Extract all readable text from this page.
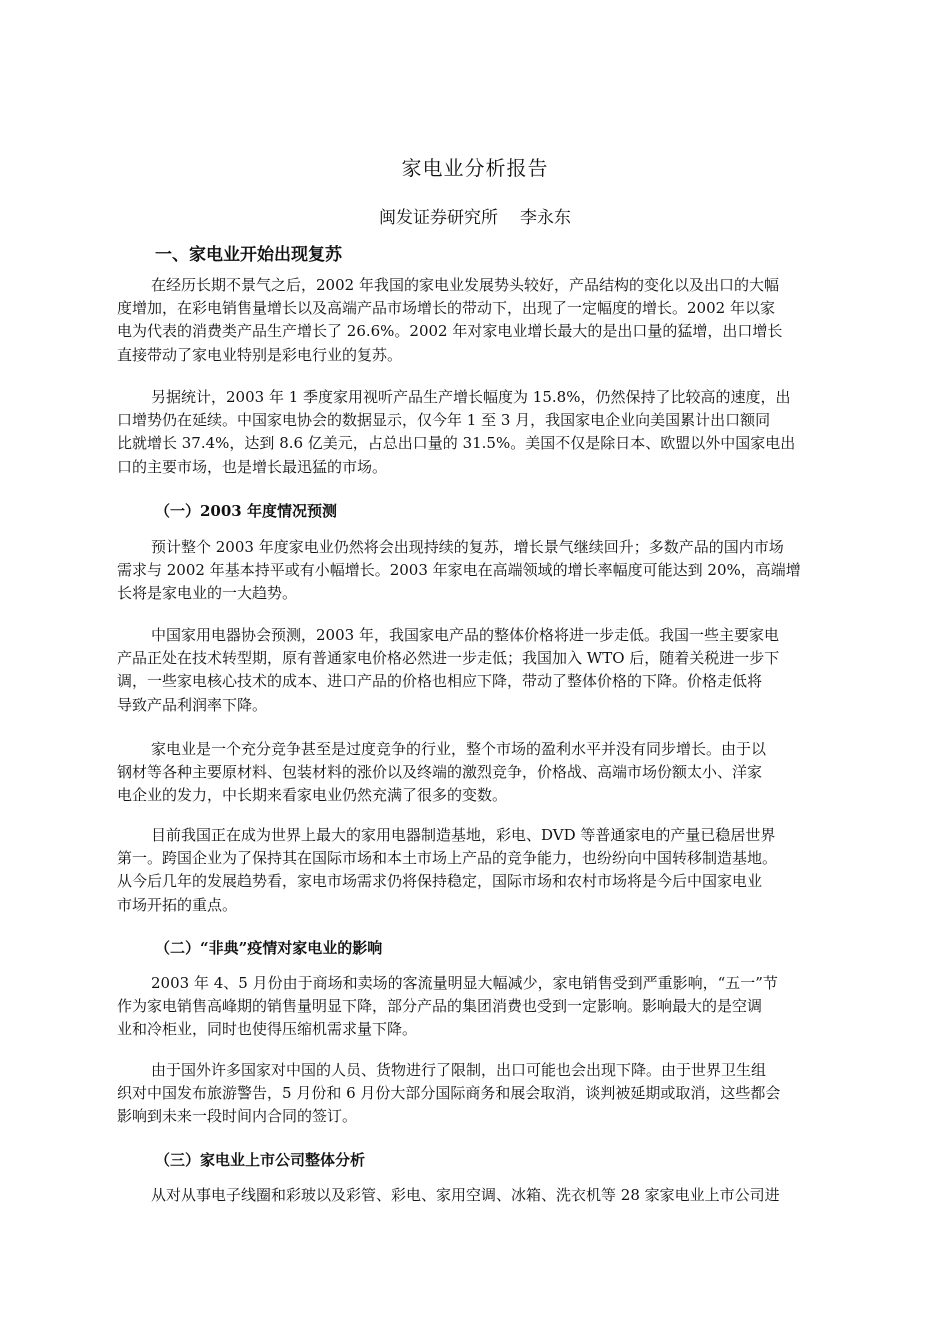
家电业分析报告
闽发证券研究所 李永东
一、家电业开始出现复苏
在经历长期不景气之后，2002 年我国的家电业发展势头较好，产品结构的变化以及出口的大幅
度增加，在彩电销售量增长以及高端产品市场增长的带动下，出现了一定幅度的增长。2002 年以家
电为代表的消费类产品生产增长了 26.6%。2002 年对家电业增长最大的是出口量的猛增，出口增长
直接带动了家电业特别是彩电行业的复苏。
另据统计，2003 年 1 季度家用视听产品生产增长幅度为 15.8%，仍然保持了比较高的速度，出
口增势仍在延续。中国家电协会的数据显示，仅今年 1 至 3 月，我国家电企业向美国累计出口额同
比就增长 37.4%，达到 8.6 亿美元，占总出口量的 31.5%。美国不仅是除日本、欧盟以外中国家电出
口的主要市场，也是增长最迅猛的市场。
（一）2003 年度情况预测
预计整个 2003 年度家电业仍然将会出现持续的复苏，增长景气继续回升；多数产品的国内市场
需求与 2002 年基本持平或有小幅增长。2003 年家电在高端领域的增长率幅度可能达到 20%，高端增
长将是家电业的一大趋势。
中国家用电器协会预测，2003 年，我国家电产品的整体价格将进一步走低。我国一些主要家电
产品正处在技术转型期，原有普通家电价格必然进一步走低；我国加入 WTO 后，随着关税进一步下
调，一些家电核心技术的成本、进口产品的价格也相应下降，带动了整体价格的下降。价格走低将
导致产品利润率下降。
家电业是一个充分竞争甚至是过度竞争的行业，整个市场的盈利水平并没有同步增长。由于以
钢材等各种主要原材料、包装材料的涨价以及终端的激烈竞争，价格战、高端市场份额太小、洋家
电企业的发力，中长期来看家电业仍然充满了很多的变数。
目前我国正在成为世界上最大的家用电器制造基地，彩电、DVD 等普通家电的产量已稳居世界
第一。跨国企业为了保持其在国际市场和本土市场上产品的竞争能力，也纷纷向中国转移制造基地。
从今后几年的发展趋势看，家电市场需求仍将保持稳定，国际市场和农村市场将是今后中国家电业
市场开拓的重点。
（二）“非典”疫情对家电业的影响
2003 年 4、5 月份由于商场和卖场的客流量明显大幅减少，家电销售受到严重影响，“五一”节
作为家电销售高峰期的销售量明显下降，部分产品的集团消费也受到一定影响。影响最大的是空调
业和冷柜业，同时也使得压缩机需求量下降。
由于国外许多国家对中国的人员、货物进行了限制，出口可能也会出现下降。由于世界卫生组
织对中国发布旅游警告，5 月份和 6 月份大部分国际商务和展会取消，谈判被延期或取消，这些都会
影响到未来一段时间内合同的签订。
（三）家电业上市公司整体分析
从对从事电子线圈和彩玻以及彩管、彩电、家用空调、冰箱、洗衣机等 28 家家电业上市公司进
